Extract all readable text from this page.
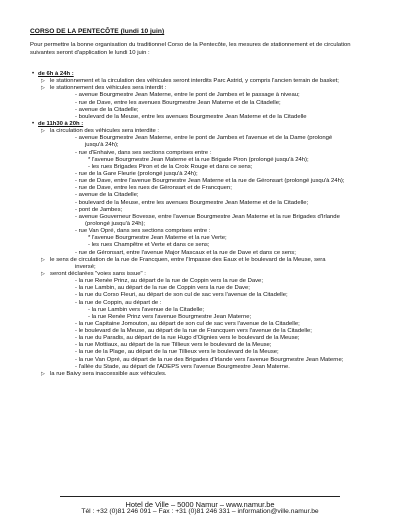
CORSO DE LA PENTECÔTE (lundi 10 juin)
Pour permettre la bonne organisation du traditionnel Corso de la Pentecôte, les mesures de stationnement et de circulation suivantes seront d'application le lundi 10 juin :
• de 6h à 24h :
▷ le stationnement et la circulation des véhicules seront interdits Parc Astrid, y compris l'ancien terrain de basket;
▷ le stationnement des véhicules sera interdit :
- avenue Bourgmestre Jean Materne, entre le pont de Jambes et le passage à niveau;
- rue de Dave, entre les avenues Bourgmestre Jean Materne et de la Citadelle;
- avenue de la Citadelle;
- boulevard de la Meuse, entre les avenues Bourgmestre Jean Materne et de la Citadelle
• de 11h30 à 20h :
▷ la circulation des véhicules sera interdite :
- avenue Bourgmestre Jean Materne, entre le pont de Jambes et l'avenue et de la Dame (prolongé
jusqu'à 24h);
- rue d'Enhaive, dans ses sections comprises entre :
* l'avenue Bourgmestre Jean Materne et la rue Brigade Piron (prolongé jusqu'à 24h);
- les rues Brigades Piron et de la Croix Rouge et dans ce sens;
- rue de la Gare Fleurie (prolongé jusqu'à 24h);
- rue de Dave, entre l'avenue Bourgmestre Jean Materne et la rue de Géronsart (prolongé jusqu'à 24h);
- rue de Dave, entre les rues de Géronsart et de Francquen;
- avenue de la Citadelle;
- boulevard de la Meuse, entre les avenues Bourgmestre Jean Materne et de la Citadelle;
- pont de Jambes;
- avenue Gouverneur Bovesse, entre l'avenue Bourgmestre Jean Materne et la rue Brigades d'Irlande
(prolongé jusqu'à 24h);
- rue Van Opré, dans ses sections comprises entre :
* l'avenue Bourgmestre Jean Materne et la rue Verte;
- les rues Champêtre et Verte et dans ce sens;
- rue de Géronsart, entre l'avenue Major Mascaux et la rue de Dave et dans ce sens;
▷ le sens de circulation de la rue de Francquen, entre l'Impasse des Eaux et le boulevard de la Meuse, sera
inversé;
▷ seront déclarées "voies sans issue" :
- la rue Renée Prinz, au départ de la rue de Coppin vers la rue de Dave;
- la rue Lambin, au départ de la rue de Coppin vers la rue de Dave;
- la rue du Corso Fleuri, au départ de son cul de sac vers l'avenue de la Citadelle;
- la rue de Coppin, au départ de :
- la rue Lambin vers l'avenue de la Citadelle;
- la rue Renée Prinz vers l'avenue Bourgmestre Jean Materne;
- la rue Capitaine Jomouton, au départ de son cul de sac vers l'avenue de la Citadelle;
- le boulevard de la Meuse, au départ de la rue de Francquen vers l'avenue de la Citadelle;
- la rue du Paradis, au départ de la rue Hugo d'Oignies vers le boulevard de la Meuse;
- la rue Mottiaux, au départ de la rue Tillieux vers le boulevard de la Meuse;
- la rue de la Plage, au départ de la rue Tillieux vers le boulevard de la Meuse;
- la rue Van Opré, au départ de la rue des Brigades d'Irlande vers l'avenue Bourgmestre Jean Materne;
- l'allée du Stade, au départ de l'ADEPS vers l'avenue Bourgmestre Jean Materne.
▷ la rue Baivy sera inaccessible aux véhicules.
Hotel de Ville – 5000 Namur – www.namur.be
Tél : +32 (0)81 246 091 – Fax : +31 (0)81 246 331 – information@ville.namur.be
